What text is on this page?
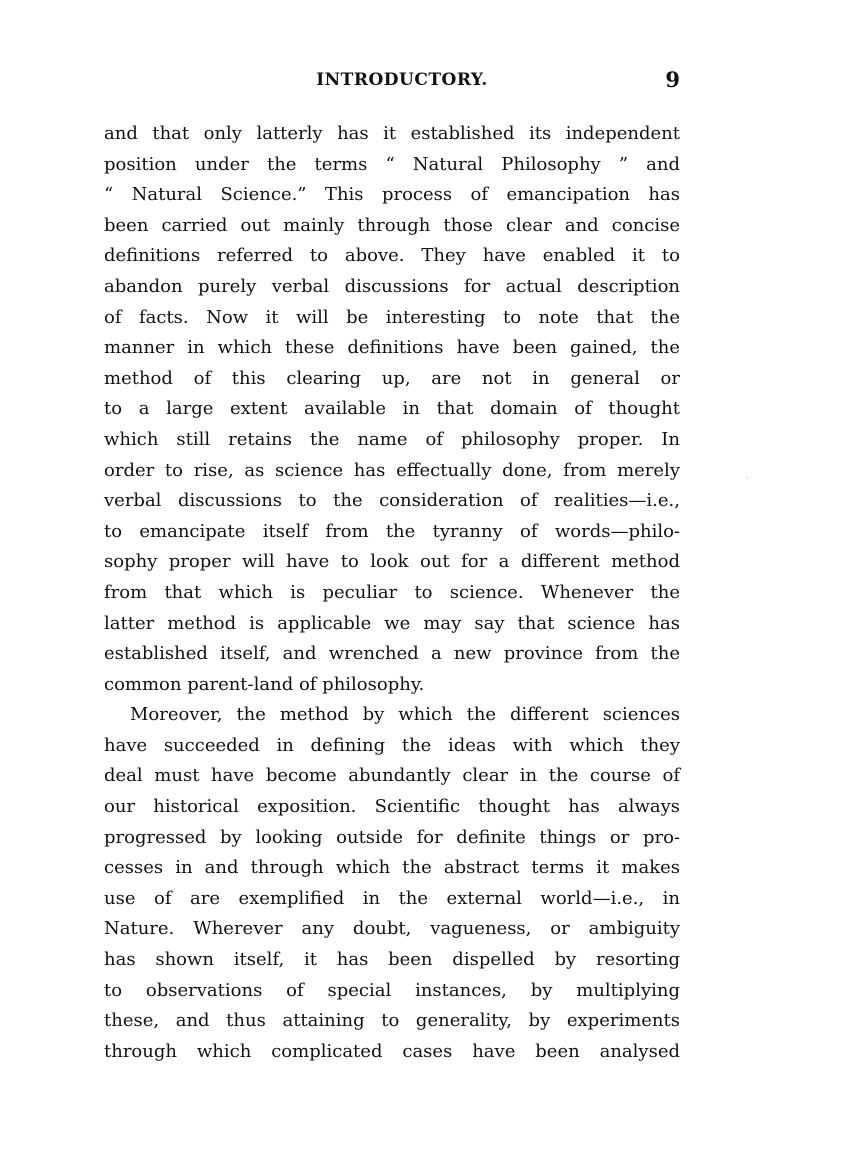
INTRODUCTORY.	9
and that only latterly has it established its independent
position under the terms “ Natural Philosophy ” and
“ Natural Science.” This process of emancipation has
been carried out mainly through those clear and concise
definitions referred to above. They have enabled it to
abandon purely verbal discussions for actual description
of facts. Now it will be interesting to note that the
manner in which these definitions have been gained, the
method of this clearing up, are not in general or
to a large extent available in that domain of thought
which still retains the name of philosophy proper. In
order to rise, as science has effectually done, from merely
verbal discussions to the consideration of realities—i.e.,
to emancipate itself from the tyranny of words—philo-
sophy proper will have to look out for a different method
from that which is peculiar to science. Whenever the
latter method is applicable we may say that science has
established itself, and wrenched a new province from the
common parent-land of philosophy.
Moreover, the method by which the different sciences
have succeeded in defining the ideas with which they
deal must have become abundantly clear in the course of
our historical exposition. Scientific thought has always
progressed by looking outside for definite things or pro-
cesses in and through which the abstract terms it makes
use of are exemplified in the external world—i.e., in
Nature. Wherever any doubt, vagueness, or ambiguity
has shown itself, it has been dispelled by resorting
to observations of special instances, by multiplying
these, and thus attaining to generality, by experiments
through which complicated cases have been analysed
·
